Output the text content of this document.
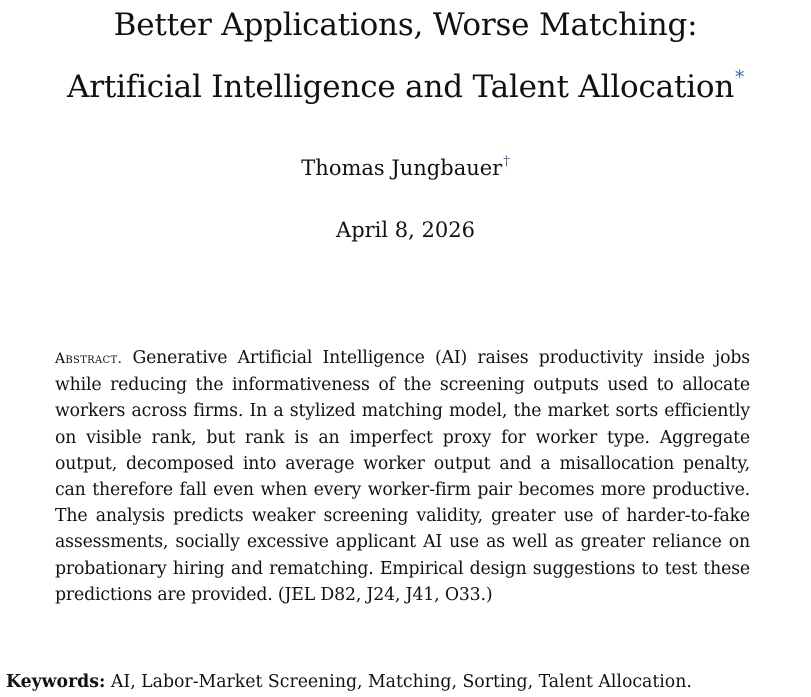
Better Applications, Worse Matching:
Artificial Intelligence and Talent Allocation*
Thomas Jungbauer†
April 8, 2026
Abstract. Generative Artificial Intelligence (AI) raises productivity inside jobs while reducing the informativeness of the screening outputs used to allocate workers across firms. In a stylized matching model, the market sorts efficiently on visible rank, but rank is an imperfect proxy for worker type. Aggregate output, decomposed into average worker output and a misallocation penalty, can therefore fall even when every worker-firm pair becomes more productive. The analysis predicts weaker screening validity, greater use of harder-to-fake assessments, socially excessive applicant AI use as well as greater reliance on probationary hiring and rematching. Empirical design suggestions to test these predictions are provided. (JEL D82, J24, J41, O33.)
Keywords: AI, Labor-Market Screening, Matching, Sorting, Talent Allocation.
